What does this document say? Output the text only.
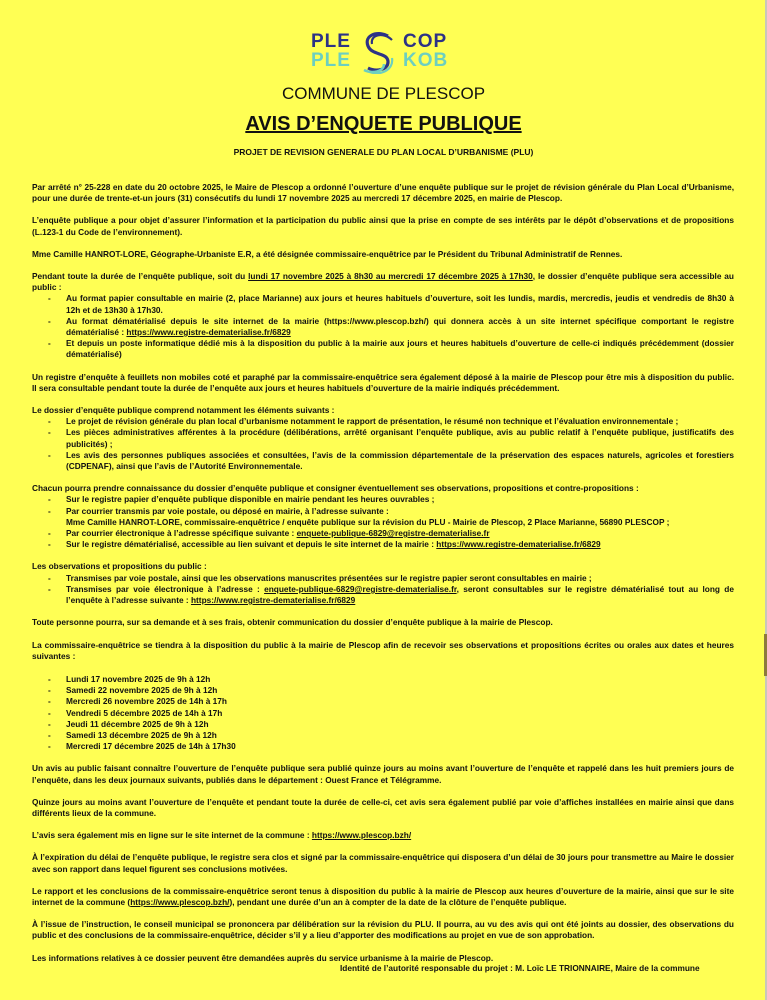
PLE
PLE
COP
KOB
COMMUNE DE PLESCOP
AVIS D’ENQUETE PUBLIQUE
PROJET DE REVISION GENERALE DU PLAN LOCAL D’URBANISME (PLU)

Par arrêté n° 25-228 en date du 20 octobre 2025, le Maire de Plescop a ordonné l’ouverture d’une enquête publique sur le projet de révision générale du Plan Local d’Urbanisme, pour une durée de trente-et-un jours (31) consécutifs du lundi 17 novembre 2025 au mercredi 17 décembre 2025, en mairie de Plescop.

L’enquête publique a pour objet d’assurer l’information et la participation du public ainsi que la prise en compte de ses intérêts par le dépôt d’observations et de propositions (L.123-1 du Code de l’environnement).

Mme Camille HANROT-LORE, Géographe-Urbaniste E.R, a été désignée commissaire-enquêtrice par le Président du Tribunal Administratif de Rennes.

Pendant toute la durée de l’enquête publique, soit du lundi 17 novembre 2025 à 8h30 au mercredi 17 décembre 2025 à 17h30, le dossier d’enquête publique sera accessible au public :

- Au format papier consultable en mairie (2, place Marianne) aux jours et heures habituels d’ouverture, soit les lundis, mardis, mercredis, jeudis et vendredis de 8h30 à 12h et de 13h30 à 17h30.
- Au format dématérialisé depuis le site internet de la mairie (https://www.plescop.bzh/) qui donnera accès à un site internet spécifique comportant le registre dématérialisé : https://www.registre-dematerialise.fr/6829
- Et depuis un poste informatique dédié mis à la disposition du public à la mairie aux jours et heures habituels d’ouverture de celle-ci indiqués précédemment (dossier dématérialisé)

Un registre d’enquête à feuillets non mobiles coté et paraphé par la commissaire-enquêtrice sera également déposé à la mairie de Plescop pour être mis à disposition du public. Il sera consultable pendant toute la durée de l’enquête aux jours et heures habituels d’ouverture de la mairie indiqués précédemment.

Le dossier d’enquête publique comprend notamment les éléments suivants :

- Le projet de révision générale du plan local d’urbanisme notamment le rapport de présentation, le résumé non technique et l’évaluation environnementale ;
- Les pièces administratives afférentes à la procédure (délibérations, arrêté organisant l’enquête publique, avis au public relatif à l’enquête publique, justificatifs des publicités) ;
- Les avis des personnes publiques associées et consultées, l’avis de la commission départementale de la préservation des espaces naturels, agricoles et forestiers (CDPENAF), ainsi que l’avis de l’Autorité Environnementale.

Chacun pourra prendre connaissance du dossier d’enquête publique et consigner éventuellement ses observations, propositions et contre-propositions :

- Sur le registre papier d’enquête publique disponible en mairie pendant les heures ouvrables ;
- Par courrier transmis par voie postale, ou déposé en mairie, à l’adresse suivante :
Mme Camille HANROT-LORE, commissaire-enquêtrice / enquête publique sur la révision du PLU - Mairie de Plescop, 2 Place Marianne, 56890 PLESCOP ;
- Par courrier électronique à l’adresse spécifique suivante : enquete-publique-6829@registre-dematerialise.fr
- Sur le registre dématérialisé, accessible au lien suivant et depuis le site internet de la mairie : https://www.registre-dematerialise.fr/6829

Les observations et propositions du public :

- Transmises par voie postale, ainsi que les observations manuscrites présentées sur le registre papier seront consultables en mairie ;
- Transmises par voie électronique à l’adresse : enquete-publique-6829@registre-dematerialise.fr, seront consultables sur le registre dématérialisé tout au long de l’enquête à l’adresse suivante : https://www.registre-dematerialise.fr/6829

Toute personne pourra, sur sa demande et à ses frais, obtenir communication du dossier d’enquête publique à la mairie de Plescop.

La commissaire-enquêtrice se tiendra à la disposition du public à la mairie de Plescop afin de recevoir ses observations et propositions écrites ou orales aux dates et heures suivantes :

- Lundi 17 novembre 2025 de 9h à 12h
- Samedi 22 novembre 2025 de 9h à 12h
- Mercredi 26 novembre 2025 de 14h à 17h
- Vendredi 5 décembre 2025 de 14h à 17h
- Jeudi 11 décembre 2025 de 9h à 12h
- Samedi 13 décembre 2025 de 9h à 12h
- Mercredi 17 décembre 2025 de 14h à 17h30

Un avis au public faisant connaître l’ouverture de l’enquête publique sera publié quinze jours au moins avant l’ouverture de l’enquête et rappelé dans les huit premiers jours de l’enquête, dans les deux journaux suivants, publiés dans le département : Ouest France et Télégramme.

Quinze jours au moins avant l’ouverture de l’enquête et pendant toute la durée de celle-ci, cet avis sera également publié par voie d’affiches installées en mairie ainsi que dans différents lieux de la commune.

L’avis sera également mis en ligne sur le site internet de la commune : https://www.plescop.bzh/

À l’expiration du délai de l’enquête publique, le registre sera clos et signé par la commissaire-enquêtrice qui disposera d’un délai de 30 jours pour transmettre au Maire le dossier avec son rapport dans lequel figurent ses conclusions motivées.

Le rapport et les conclusions de la commissaire-enquêtrice seront tenus à disposition du public à la mairie de Plescop aux heures d’ouverture de la mairie, ainsi que sur le site internet de la commune (https://www.plescop.bzh/), pendant une durée d’un an à compter de la date de la clôture de l’enquête publique.

À l’issue de l’instruction, le conseil municipal se prononcera par délibération sur la révision du PLU. Il pourra, au vu des avis qui ont été joints au dossier, des observations du public et des conclusions de la commissaire-enquêtrice, décider s’il y a lieu d’apporter des modifications au projet en vue de son approbation.

Les informations relatives à ce dossier peuvent être demandées auprès du service urbanisme à la mairie de Plescop.

Identité de l’autorité responsable du projet : M. Loïc LE TRIONNAIRE, Maire de la commune
